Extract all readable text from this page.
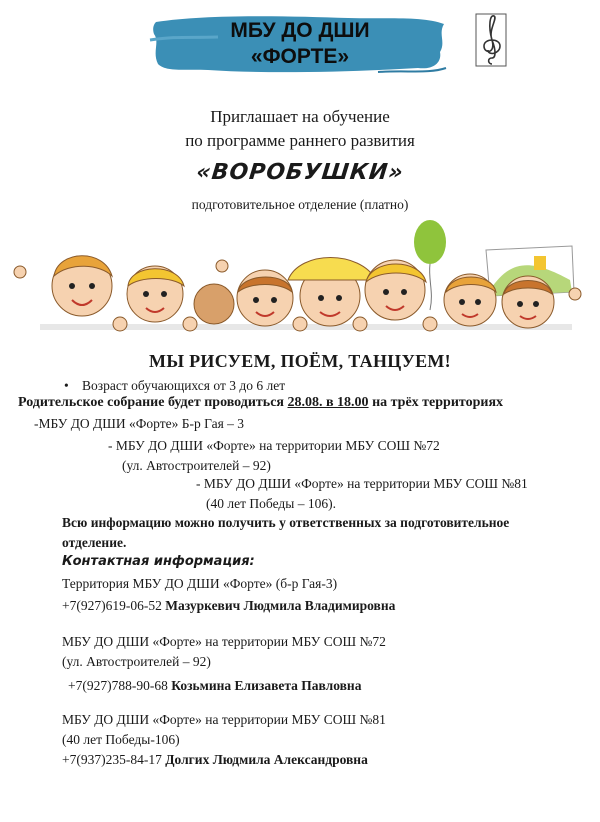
МБУ ДО ДШИ
«ФОРТЕ»
Приглашает на обучение
по программе раннего развития
«ВОРОБУШКИ»
подготовительное отделение (платно)
МЫ РИСУЕМ, ПОЁМ, ТАНЦУЕМ!
• Возраст обучающихся от 3 до 6 лет
Родительское собрание будет проводиться 28.08. в 18.00 на трёх территориях
-МБУ ДО ДШИ «Форте» Б-р Гая – 3
- МБУ ДО ДШИ «Форте» на территории МБУ СОШ №72
(ул. Автостроителей – 92)
- МБУ ДО ДШИ «Форте» на территории МБУ СОШ №81
(40 лет Победы – 106).
Всю информацию можно получить у ответственных за подготовительное
отделение.
Контактная информация:
Территория МБУ ДО ДШИ «Форте» (б-р Гая-3)
+7(927)619-06-52 Мазуркевич Людмила Владимировна
МБУ ДО ДШИ «Форте» на территории МБУ СОШ №72
(ул. Автостроителей – 92)
+7(927)788-90-68 Козьмина Елизавета Павловна
МБУ ДО ДШИ «Форте» на территории МБУ СОШ №81
(40 лет Победы-106)
+7(937)235-84-17 Долгих Людмила Александровна
